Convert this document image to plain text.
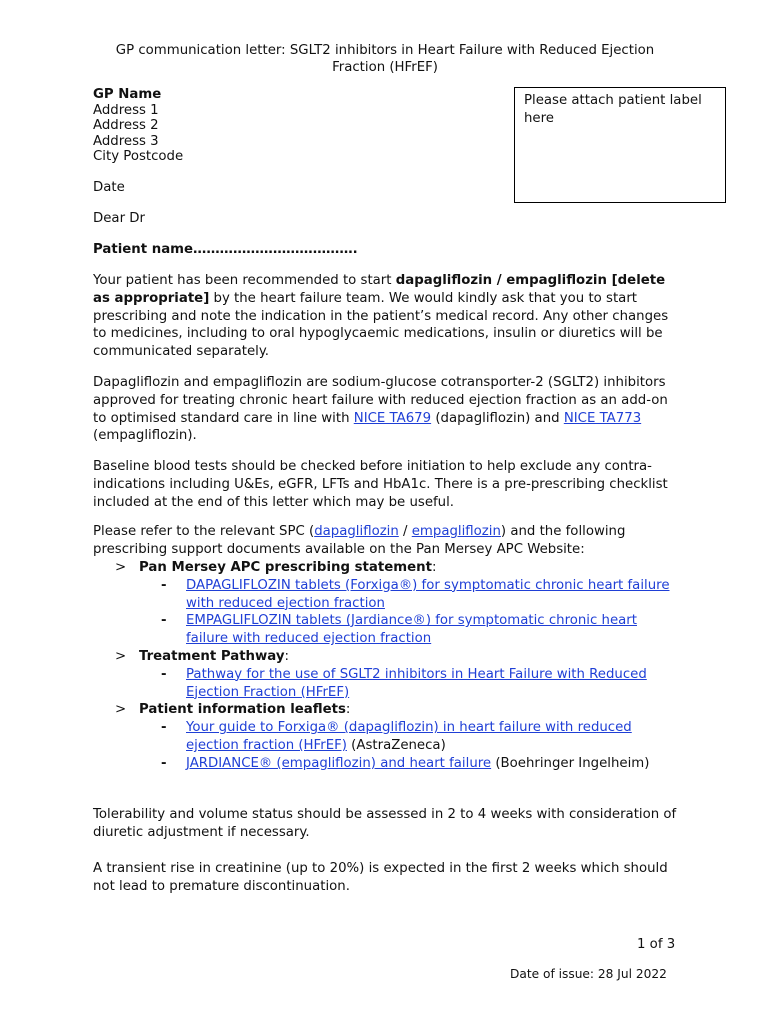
GP communication letter: SGLT2 inhibitors in Heart Failure with Reduced Ejection
Fraction (HFrEF)
GP Name
Address 1
Address 2
Address 3
City Postcode
Please attach patient label here
Date
Dear Dr
Patient name……………………………….
Your patient has been recommended to start dapagliflozin / empagliflozin [delete as appropriate] by the heart failure team. We would kindly ask that you to start prescribing and note the indication in the patient’s medical record. Any other changes to medicines, including to oral hypoglycaemic medications, insulin or diuretics will be communicated separately.
Dapagliflozin and empagliflozin are sodium-glucose cotransporter-2 (SGLT2) inhibitors approved for treating chronic heart failure with reduced ejection fraction as an add-on to optimised standard care in line with NICE TA679 (dapagliflozin) and NICE TA773 (empagliflozin).
Baseline blood tests should be checked before initiation to help exclude any contra-indications including U&Es, eGFR, LFTs and HbA1c. There is a pre-prescribing checklist included at the end of this letter which may be useful.
Please refer to the relevant SPC (dapagliflozin / empagliflozin) and the following prescribing support documents available on the Pan Mersey APC Website:
> Pan Mersey APC prescribing statement:
- DAPAGLIFLOZIN tablets (Forxiga®) for symptomatic chronic heart failure with reduced ejection fraction
- EMPAGLIFLOZIN tablets (Jardiance®) for symptomatic chronic heart failure with reduced ejection fraction
> Treatment Pathway:
- Pathway for the use of SGLT2 inhibitors in Heart Failure with Reduced Ejection Fraction (HFrEF)
> Patient information leaflets:
- Your guide to Forxiga® (dapagliflozin) in heart failure with reduced ejection fraction (HFrEF) (AstraZeneca)
- JARDIANCE® (empagliflozin) and heart failure (Boehringer Ingelheim)
Tolerability and volume status should be assessed in 2 to 4 weeks with consideration of diuretic adjustment if necessary.
A transient rise in creatinine (up to 20%) is expected in the first 2 weeks which should not lead to premature discontinuation.
1 of 3
Date of issue: 28 Jul 2022
